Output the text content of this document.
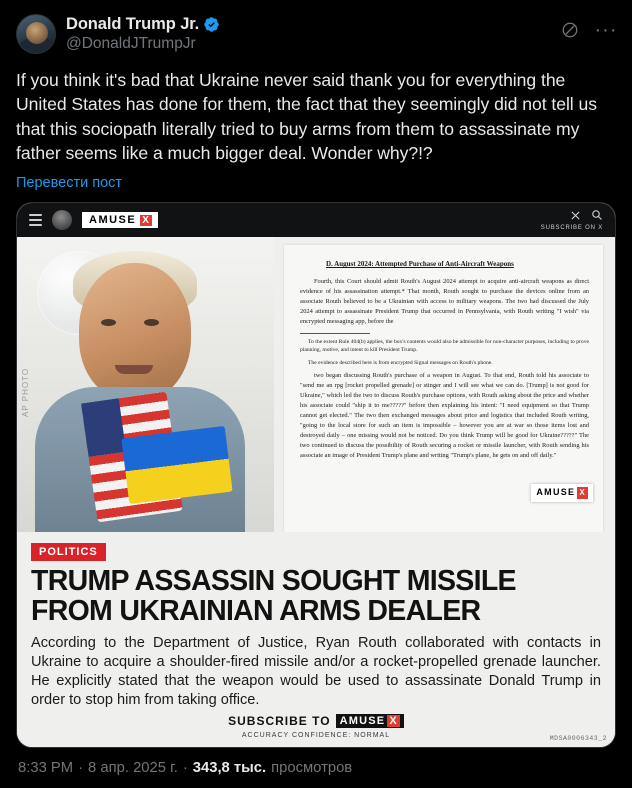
Donald Trump Jr.
@DonaldJTrumpJr
···
If you think it's bad that Ukraine never said thank you for everything the United States has done for them, the fact that they seemingly did not tell us that this sociopath literally tried to buy arms from them to assassinate my father seems like a much bigger deal. Wonder why?!?
Перевести пост
AMUSE X
SUBSCRIBE ON X
AP PHOTO
D. August 2024: Attempted Purchase of Anti-Aircraft Weapons
Fourth, this Court should admit Routh's August 2024 attempt to acquire anti-aircraft weapons as direct evidence of his assassination attempt.* That month, Routh sought to purchase the devices online from an associate Routh believed to be a Ukrainian with access to military weapons. The two had discussed the July 2024 attempt to assassinate President Trump that occurred in Pennsylvania, with Routh writing "I wish" via encrypted messaging app, before the
To the extent Rule 404(b) applies, the box's contents would also be admissible for non-character purposes, including to prove planning, motive, and intent to kill President Trump.
The evidence described here is from encrypted Signal messages on Routh's phone.
two began discussing Routh's purchase of a weapon in August. To that end, Routh told his associate to "send me an rpg [rocket propelled grenade] or stinger and I will see what we can do. [Trump] is not good for Ukraine," which led the two to discuss Routh's purchase options, with Routh asking about the price and whether his associate could "ship it to me?????" before then explaining his intent: "I need equipment so that Trump cannot get elected." The two then exchanged messages about price and logistics that included Routh writing, "going to the local store for such an item is impossible – however you are at war so those items lost and destroyed daily – one missing would not be noticed. Do you think Trump will be good for Ukraine?????" The two continued to discuss the possibility of Routh securing a rocket or missile launcher, with Routh sending his associate an image of President Trump's plane and writing "Trump's plane, he gets on and off daily."
AMUSE X
POLITICS
TRUMP ASSASSIN SOUGHT MISSILE FROM UKRAINIAN ARMS DEALER
According to the Department of Justice, Ryan Routh collaborated with contacts in Ukraine to acquire a shoulder-fired missile and/or a rocket-propelled grenade launcher. He explicitly stated that the weapon would be used to assassinate Donald Trump in order to stop him from taking office.
SUBSCRIBE TO AMUSE X
ACCURACY CONFIDENCE: NORMAL	MDSA0006343_2
8:33 PM · 8 апр. 2025 г. · 343,8 тыс. просмотров
